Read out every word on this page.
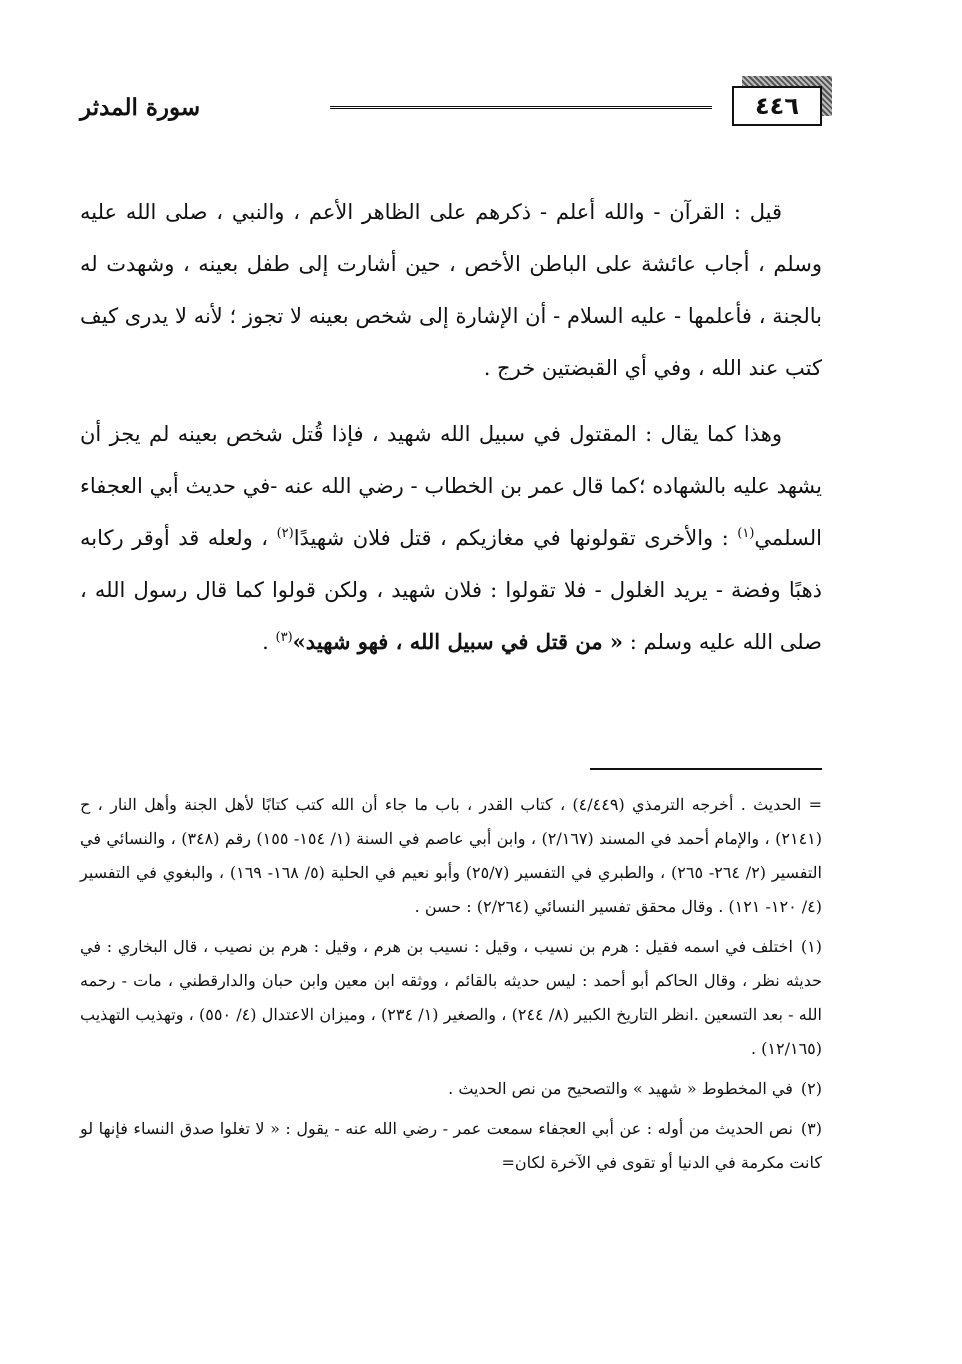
٤٤٦
سورة المدثر

قيل : القرآن - والله أعلم - ذكرهم على الظاهر الأعم ، والنبي ، صلى الله عليه وسلم ، أجاب عائشة على الباطن الأخص ، حين أشارت إلى طفل بعينه ، وشهدت له بالجنة ، فأعلمها - عليه السلام - أن الإشارة إلى شخص بعينه لا تجوز ؛ لأنه لا يدرى كيف كتب عند الله ، وفي أي القبضتين خرج .

وهذا كما يقال : المقتول في سبيل الله شهيد ، فإذا قُتل شخص بعينه لم يجز أن يشهد عليه بالشهاده ؛كما قال عمر بن الخطاب - رضي الله عنه -في حديث أبي العجفاء السلمي$^{(١)}$ : والأخرى تقولونها في مغازيكم ، قتل فلان شهيدًا$^{(٢)}$ ، ولعله قد أوقر ركابه ذهبًا وفضة - يريد الغلول - فلا تقولوا : فلان شهيد ، ولكن قولوا كما قال رسول الله ، صلى الله عليه وسلم : « من قتل في سبيل الله ، فهو شهيد»$^{(٣)}$ .

= الحديث . أخرجه الترمذي (٤/٤٤٩) ، كتاب القدر ، باب ما جاء أن الله كتب كتابًا لأهل الجنة وأهل النار ، ح (٢١٤١) ، والإمام أحمد في المسند (٢/١٦٧) ، وابن أبي عاصم في السنة (١/ ١٥٤- ١٥٥) رقم (٣٤٨) ، والنسائي في التفسير (٢/ ٢٦٤- ٢٦٥) ، والطبري في التفسير (٢٥/٧) وأبو نعيم في الحلية (٥/ ١٦٨- ١٦٩) ، والبغوي في التفسير (٤/ ١٢٠- ١٢١) . وقال محقق تفسير النسائي (٢/٢٦٤) : حسن .

(١)اختلف في اسمه فقيل : هرم بن نسيب ، وقيل : نسيب بن هرم ، وقيل : هرم بن نصيب ، قال البخاري : في حديثه نظر ، وقال الحاكم أبو أحمد : ليس حديثه بالقائم ، ووثقه ابن معين وابن حبان والدارقطني ، مات - رحمه الله - بعد التسعين .انظر التاريخ الكبير (٨/ ٢٤٤) ، والصغير (١/ ٢٣٤) ، وميزان الاعتدال (٤/ ٥٥٠) ، وتهذيب التهذيب (١٢/١٦٥) .

(٢)في المخطوط « شهيد » والتصحيح من نص الحديث .

(٣)نص الحديث من أوله : عن أبي العجفاء سمعت عمر - رضي الله عنه - يقول : « لا تغلوا صدق النساء فإنها لو كانت مكرمة في الدنيا أو تقوى في الآخرة لكان=
